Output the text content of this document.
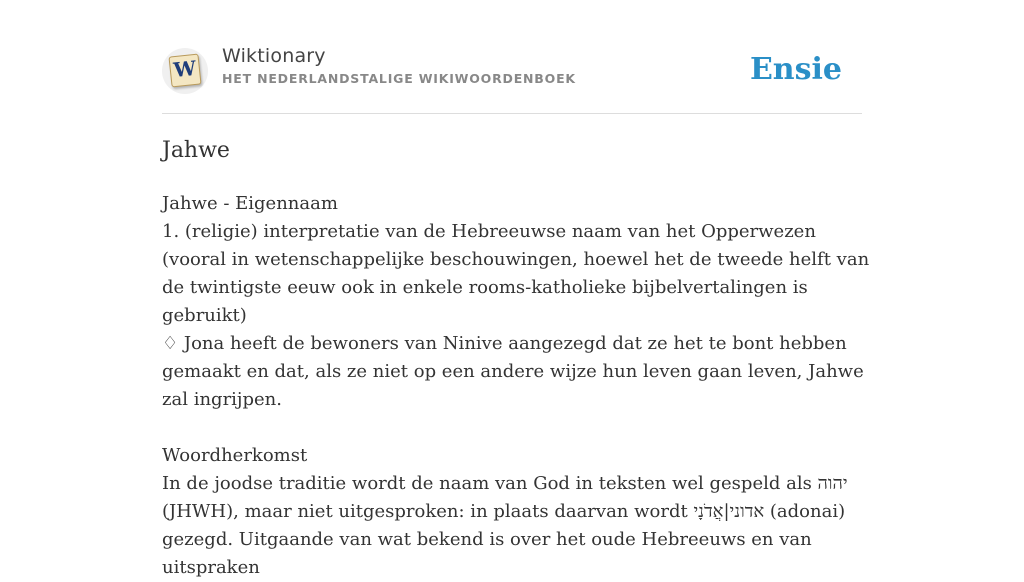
W Wiktionary
HET NEDERLANDSTALIGE WIKIWOORDENBOEK	Ensie
Jahwe

Jahwe - Eigennaam

1. (religie) interpretatie van de Hebreeuwse naam van het Opperwezen (vooral in wetenschappelijke beschouwingen, hoewel het de tweede helft van de twintigste eeuw ook in enkele rooms-katholieke bijbelvertalingen is gebruikt)

♢ Jona heeft de bewoners van Ninive aangezegd dat ze het te bont hebben gemaakt en dat, als ze niet op een andere wijze hun leven gaan leven, Jahwe zal ingrijpen.

Woordherkomst

In de joodse traditie wordt de naam van God in teksten wel gespeld als יהוה (JHWH), maar niet uitgesproken: in plaats daarvan wordt אדוני|אֲדֹנָי (adonai) gezegd. Uitgaande van wat bekend is over het oude Hebreeuws en van uitspraken
